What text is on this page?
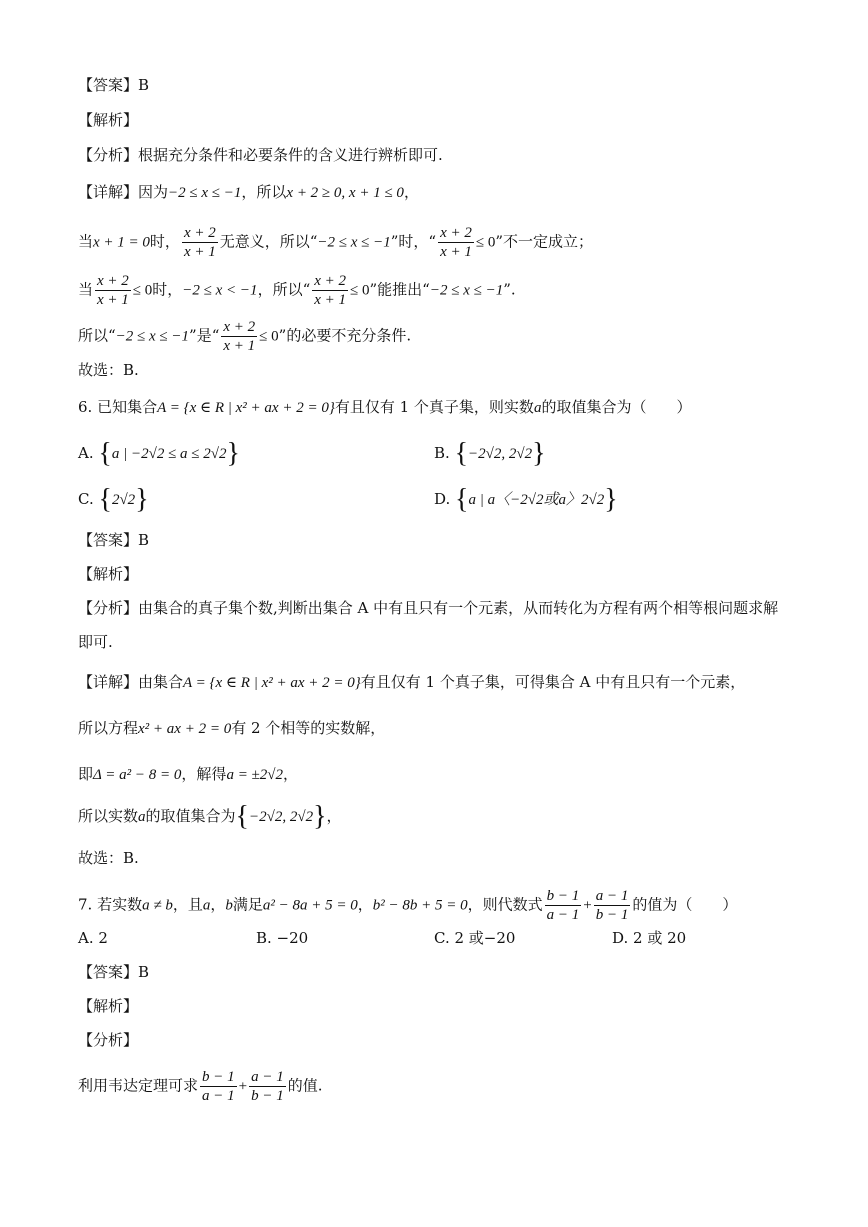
【答案】B
【解析】
【分析】根据充分条件和必要条件的含义进行辨析即可.
【详解】因为−2 ≤ x ≤ −1，所以x + 2 ≥ 0, x + 1 ≤ 0，
当x + 1 = 0时， $\frac{x + 2}{x + 1}$ 无意义，所以“−2 ≤ x ≤ −1”时，“ $\frac{x + 2}{x + 1} \le 0$”不一定成立；
当 $\frac{x + 2}{x + 1} \le 0$时，−2 ≤ x < −1，所以“ $\frac{x + 2}{x + 1} \le 0$”能推出“−2 ≤ x ≤ −1”.
所以“−2 ≤ x ≤ −1”是“ $\frac{x + 2}{x + 1} \le 0$”的必要不充分条件.
故选：B.
6. 已知集合A = {x ∈ R | x² + ax + 2 = 0}有且仅有 1 个真子集，则实数a的取值集合为（　　）
A. {a | −2√2 ≤ a ≤ 2√2}	B. {−2√2, 2√2}
C. {2√2}	D. {a | a〈−2√2或a〉2√2}
【答案】B
【解析】
【分析】由集合的真子集个数,判断出集合 A 中有且只有一个元素，从而转化为方程有两个相等根问题求解
即可.
【详解】由集合A = {x ∈ R | x² + ax + 2 = 0}有且仅有 1 个真子集，可得集合 A 中有且只有一个元素，
所以方程x² + ax + 2 = 0有 2 个相等的实数解，
即Δ = a² − 8 = 0，解得a = ±2√2，
所以实数a的取值集合为{−2√2, 2√2}，
故选：B.
7. 若实数a ≠ b，且a，b满足a² − 8a + 5 = 0，b² − 8b + 5 = 0，则代数式 $\frac{b - 1}{a - 1} + \frac{a - 1}{b - 1}$ 的值为（　　）
A. 2	B. −20	C. 2 或−20	D. 2 或 20
【答案】B
【解析】
【分析】
利用韦达定理可求 $\frac{b - 1}{a - 1} + \frac{a - 1}{b - 1}$ 的值.
